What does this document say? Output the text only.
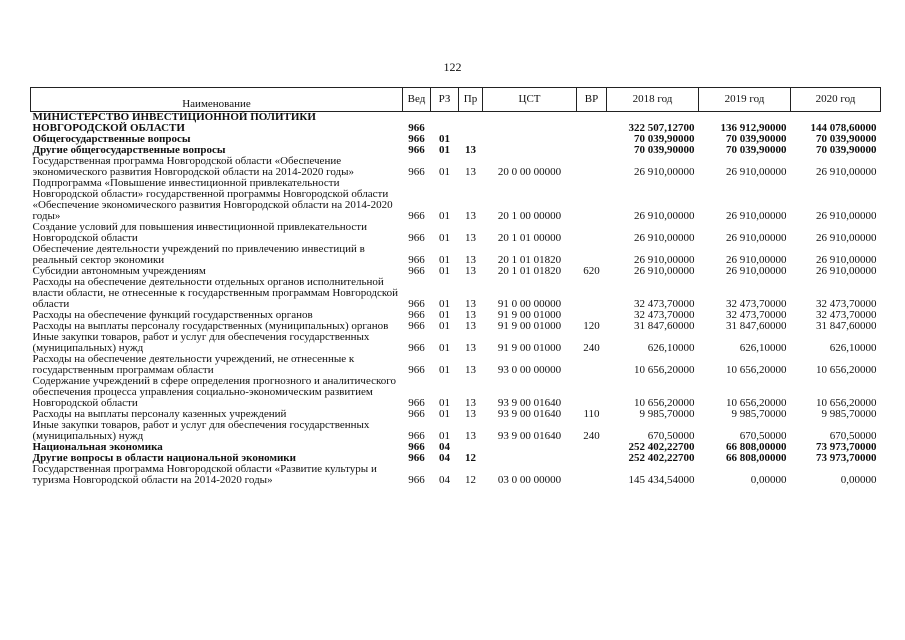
122
Наименование	Вед	РЗ	Пр	ЦСТ	ВР	2018 год	2019 год	2020 год
МИНИСТЕРСТВО ИНВЕСТИЦИОННОЙ ПОЛИТИКИ НОВГОРОДСКОЙ ОБЛАСТИ	966					322 507,12700	136 912,90000	144 078,60000
Общегосударственные вопросы	966	01				70 039,90000	70 039,90000	70 039,90000
Другие общегосударственные вопросы	966	01	13			70 039,90000	70 039,90000	70 039,90000
Государственная программа Новгородской области «Обеспечение экономического развития Новгородской области на 2014-2020 годы»	966	01	13	20 0 00 00000		26 910,00000	26 910,00000	26 910,00000
Подпрограмма «Повышение инвестиционной привлекательности Новгородской области» государственной программы Новгородской области «Обеспечение экономического развития Новгородской области на 2014-2020 годы»	966	01	13	20 1 00 00000		26 910,00000	26 910,00000	26 910,00000
Создание условий для повышения инвестиционной привлекательности Новгородской области	966	01	13	20 1 01 00000		26 910,00000	26 910,00000	26 910,00000
Обеспечение деятельности учреждений по привлечению инвестиций в реальный сектор экономики	966	01	13	20 1 01 01820		26 910,00000	26 910,00000	26 910,00000
Субсидии автономным учреждениям	966	01	13	20 1 01 01820	620	26 910,00000	26 910,00000	26 910,00000
Расходы на обеспечение деятельности отдельных органов исполнительной власти области, не отнесенные к государственным программам Новгородской области	966	01	13	91 0 00 00000		32 473,70000	32 473,70000	32 473,70000
Расходы на обеспечение функций государственных органов	966	01	13	91 9 00 01000		32 473,70000	32 473,70000	32 473,70000
Расходы на выплаты персоналу государственных (муниципальных) органов	966	01	13	91 9 00 01000	120	31 847,60000	31 847,60000	31 847,60000
Иные закупки товаров, работ и услуг для обеспечения государственных (муниципальных) нужд	966	01	13	91 9 00 01000	240	626,10000	626,10000	626,10000
Расходы на обеспечение деятельности учреждений, не отнесенные к государственным программам области	966	01	13	93 0 00 00000		10 656,20000	10 656,20000	10 656,20000
Содержание учреждений в сфере определения прогнозного и аналитического обеспечения процесса управления социально-экономическим развитием Новгородской области	966	01	13	93 9 00 01640		10 656,20000	10 656,20000	10 656,20000
Расходы на выплаты персоналу казенных учреждений	966	01	13	93 9 00 01640	110	9 985,70000	9 985,70000	9 985,70000
Иные закупки товаров, работ и услуг для обеспечения государственных (муниципальных) нужд	966	01	13	93 9 00 01640	240	670,50000	670,50000	670,50000
Национальная экономика	966	04				252 402,22700	66 808,00000	73 973,70000
Другие вопросы в области национальной экономики	966	04	12			252 402,22700	66 808,00000	73 973,70000
Государственная программа Новгородской области «Развитие культуры и туризма Новгородской области на 2014-2020 годы»	966	04	12	03 0 00 00000		145 434,54000	0,00000	0,00000
